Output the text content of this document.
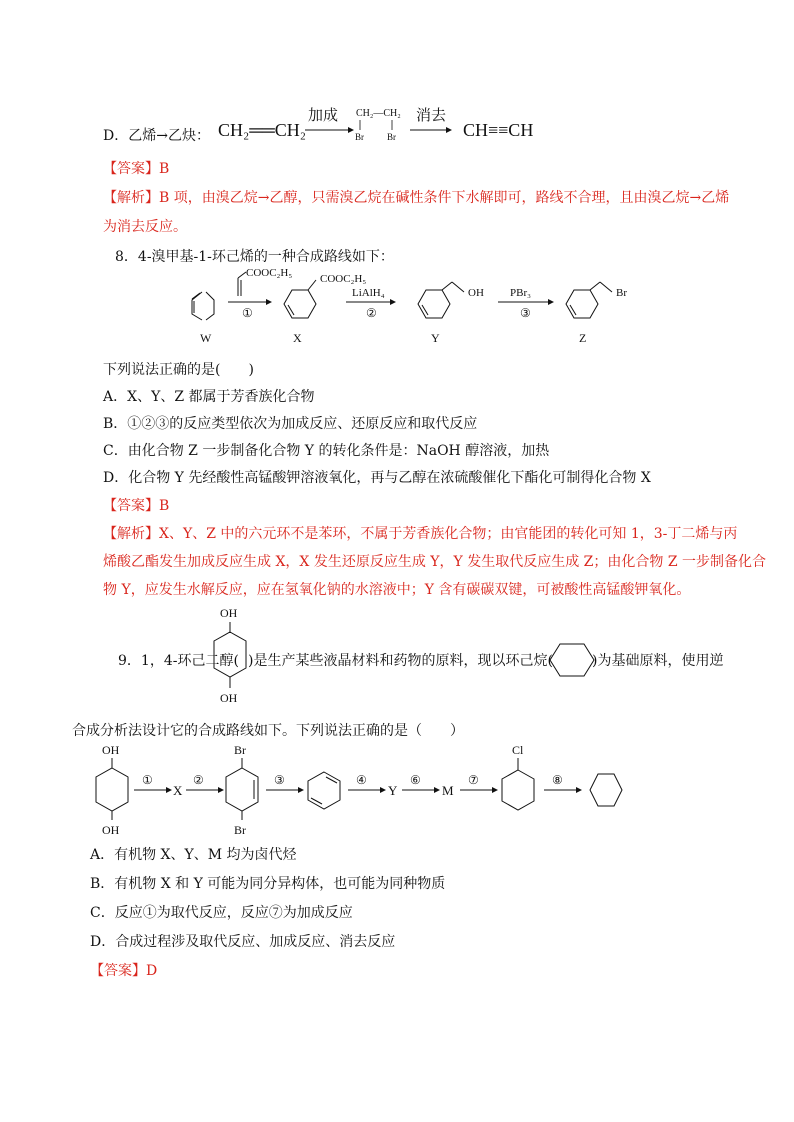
D．乙烯→乙炔： CH₂══CH₂
加成 CH₂—CH₂
Br	Br
消去
CH≡≡CH
【答案】B
【解析】B 项，由溴乙烷→乙醇，只需溴乙烷在碱性条件下水解即可，路线不合理，且由溴乙烷→乙烯
为消去反应。
8．4-溴甲基-1-环己烯的一种合成路线如下：
W
COOC₂H₅
①
COOC₂H₅
X
LiAlH₄
②
OH
Y
PBr₃
③
Br
Z
下列说法正确的是(　　)
A．X、Y、Z 都属于芳香族化合物
B．①②③的反应类型依次为加成反应、还原反应和取代反应
C．由化合物 Z 一步制备化合物 Y 的转化条件是：NaOH 醇溶液，加热
D．化合物 Y 先经酸性高锰酸钾溶液氧化，再与乙醇在浓硫酸催化下酯化可制得化合物 X
【答案】B
【解析】X、Y、Z 中的六元环不是苯环，不属于芳香族化合物；由官能团的转化可知 1，3-丁二烯与丙
烯酸乙酯发生加成反应生成 X，X 发生还原反应生成 Y，Y 发生取代反应生成 Z；由化合物 Z 一步制备化合
物 Y，应发生水解反应，应在氢氧化钠的水溶液中；Y 含有碳碳双键，可被酸性高锰酸钾氧化。
9．1，4-环己二醇(
OH
OH
)是生产某些液晶材料和药物的原料，现以环己烷(	)为基础原料，使用逆
合成分析法设计它的合成路线如下。下列说法正确的是（　　）
OH
OH
①
X
②
Br
Br
③	④
Y
⑥
M
⑦
Cl
⑧
A．有机物 X、Y、M 均为卤代烃
B．有机物 X 和 Y 可能为同分异构体，也可能为同种物质
C．反应①为取代反应，反应⑦为加成反应
D．合成过程涉及取代反应、加成反应、消去反应
【答案】D
